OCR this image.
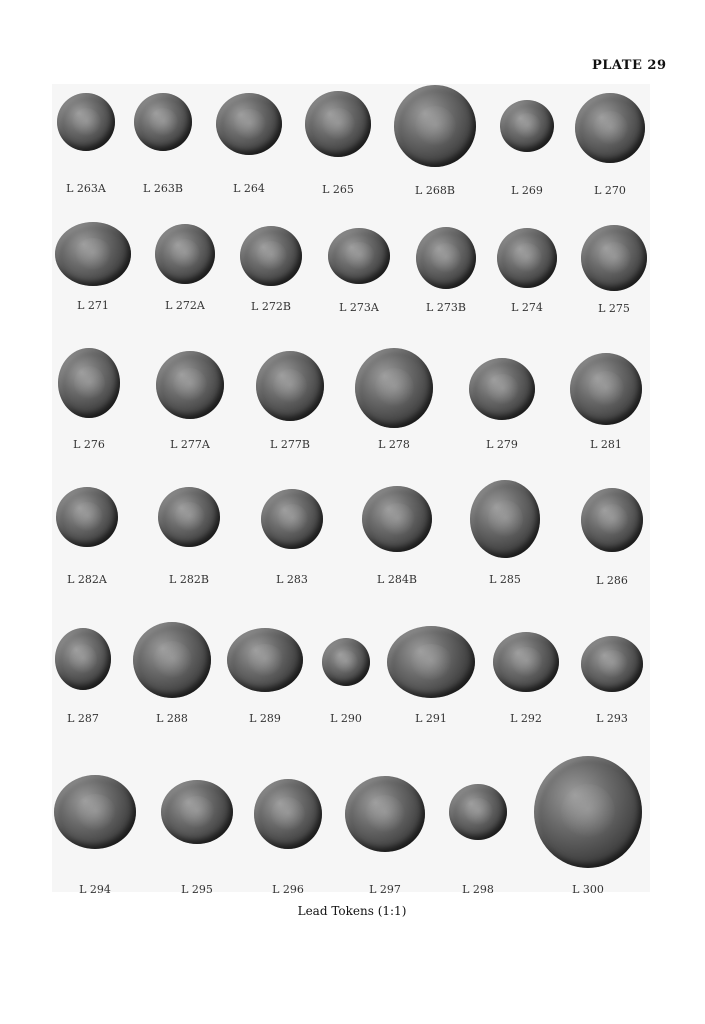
PLATE 29
Lead Tokens (1:1)
L 263A	L 263B	L 264	L 265	L 268B	L 269	L 270
L 271	L 272A	L 272B	L 273A	L 273B	L 274	L 275
L 276	L 277A	L 277B	L 278	L 279	L 281
L 282A	L 282B	L 283	L 284B	L 285	L 286
L 287	L 288	L 289	L 290	L 291	L 292	L 293
L 294	L 295	L 296	L 297	L 298	L 300
